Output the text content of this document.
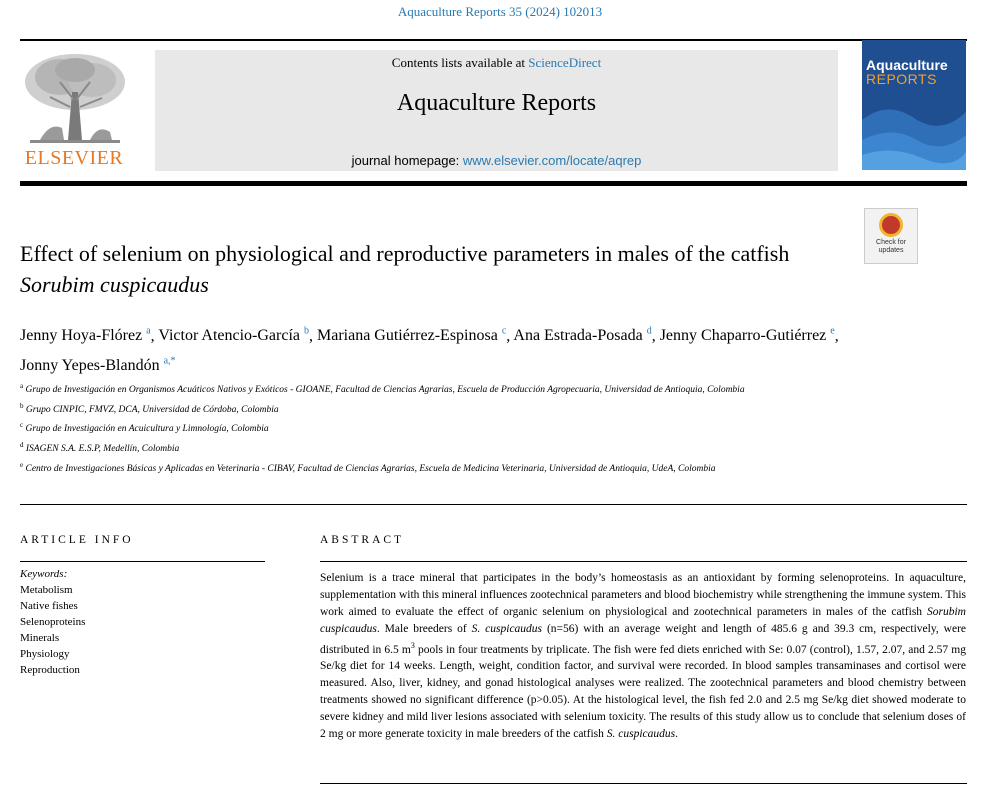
Aquaculture Reports 35 (2024) 102013
ELSEVIER
Contents lists available at ScienceDirect
Aquaculture Reports
journal homepage: www.elsevier.com/locate/aqrep
Aquaculture
REPORTS
Check for
updates
Effect of selenium on physiological and reproductive parameters in males of the catfish Sorubim cuspicaudus
Jenny Hoya-Flórez $^a$, Victor Atencio-García $^b$, Mariana Gutiérrez-Espinosa $^c$, Ana Estrada-Posada $^d$, Jenny Chaparro-Gutiérrez $^e$, Jonny Yepes-Blandón $^{a,*}$
$^a$ Grupo de Investigación en Organismos Acuáticos Nativos y Exóticos - GIOANE, Facultad de Ciencias Agrarias, Escuela de Producción Agropecuaria, Universidad de Antioquia, Colombia
$^b$ Grupo CINPIC, FMVZ, DCA, Universidad de Córdoba, Colombia
$^c$ Grupo de Investigación en Acuicultura y Limnología, Colombia
$^d$ ISAGEN S.A. E.S.P, Medellín, Colombia
$^e$ Centro de Investigaciones Básicas y Aplicadas en Veterinaria - CIBAV, Facultad de Ciencias Agrarias, Escuela de Medicina Veterinaria, Universidad de Antioquia, UdeA, Colombia
ARTICLE INFO
Keywords:
Metabolism
Native fishes
Selenoproteins
Minerals
Physiology
Reproduction
ABSTRACT
Selenium is a trace mineral that participates in the body’s homeostasis as an antioxidant by forming selenoproteins. In aquaculture, supplementation with this mineral influences zootechnical parameters and blood biochemistry while strengthening the immune system. This work aimed to evaluate the effect of organic selenium on physiological and zootechnical parameters in males of the catfish Sorubim cuspicaudus. Male breeders of S. cuspicaudus (n=56) with an average weight and length of 485.6 g and 39.3 cm, respectively, were distributed in 6.5 $m^3$ pools in four treatments by triplicate. The fish were fed diets enriched with Se: 0.07 (control), 1.57, 2.07, and 2.57 mg Se/kg diet for 14 weeks. Length, weight, condition factor, and survival were recorded. In blood samples transaminases and cortisol were measured. Also, liver, kidney, and gonad histological analyses were realized. The zootechnical parameters and blood chemistry between treatments showed no significant difference (p>0.05). At the histological level, the fish fed 2.0 and 2.5 mg Se/kg diet showed moderate to severe kidney and mild liver lesions associated with selenium toxicity. The results of this study allow us to conclude that selenium doses of 2 mg or more generate toxicity in male breeders of the catfish S. cuspicaudus.
